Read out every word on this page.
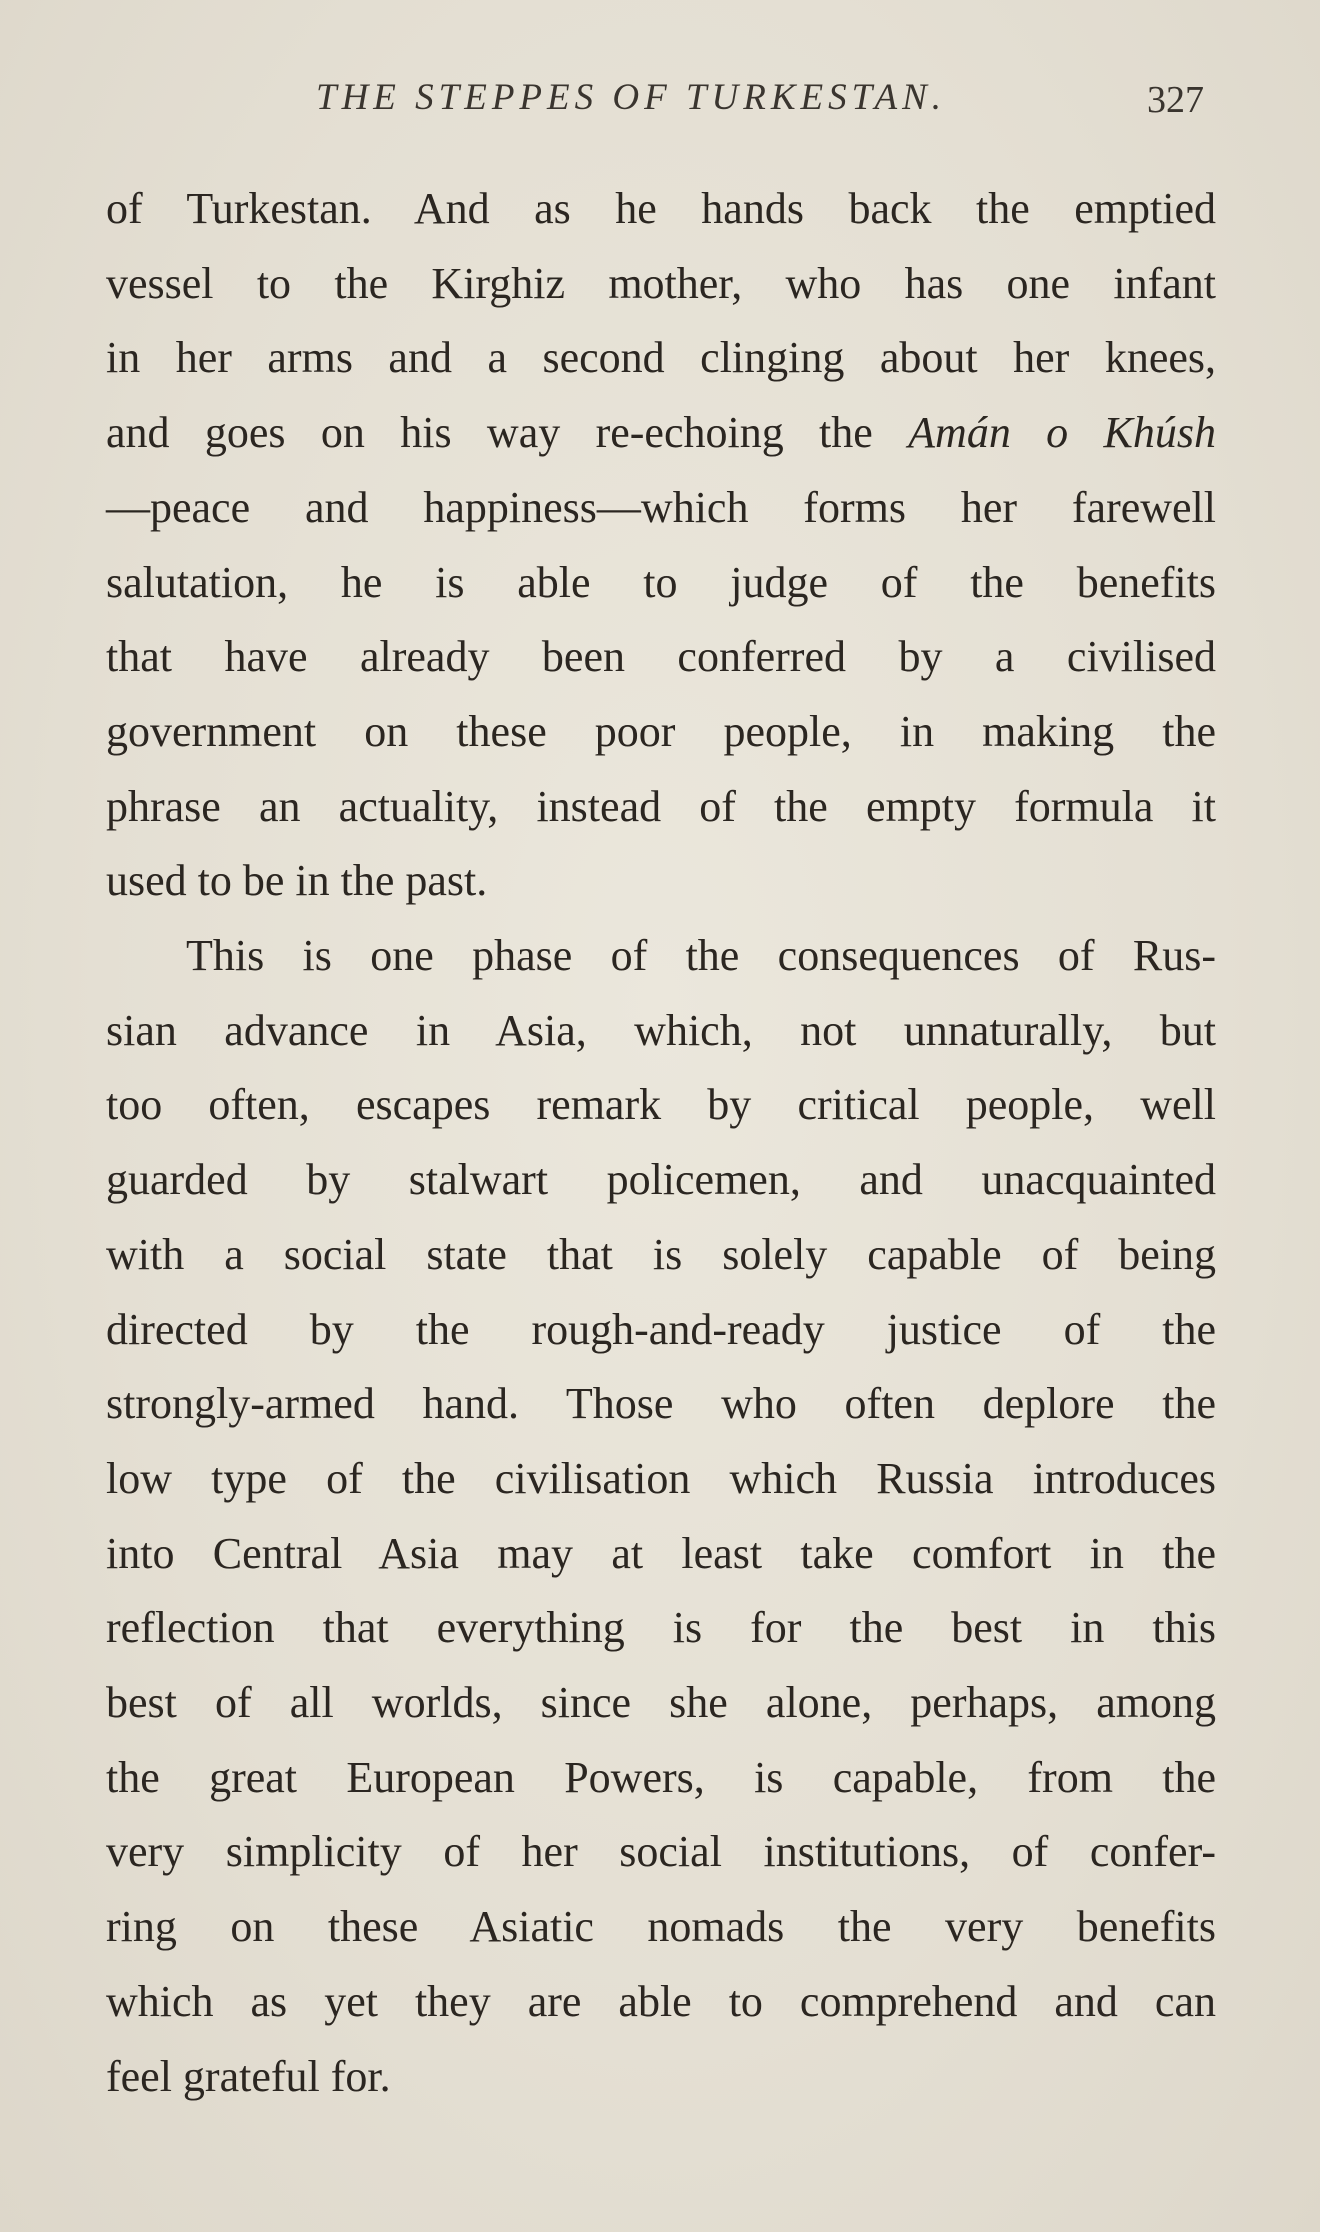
THE STEPPES OF TURKESTAN.	327
of Turkestan. And as he hands back the emptied
vessel to the Kirghiz mother, who has one infant
in her arms and a second clinging about her knees,
and goes on his way re-echoing the Amán o Khúsh
—peace and happiness—which forms her farewell
salutation, he is able to judge of the benefits
that have already been conferred by a civilised
government on these poor people, in making the
phrase an actuality, instead of the empty formula it
used to be in the past.
This is one phase of the consequences of Rus-
sian advance in Asia, which, not unnaturally, but
too often, escapes remark by critical people, well
guarded by stalwart policemen, and unacquainted
with a social state that is solely capable of being
directed by the rough-and-ready justice of the
strongly-armed hand. Those who often deplore the
low type of the civilisation which Russia introduces
into Central Asia may at least take comfort in the
reflection that everything is for the best in this
best of all worlds, since she alone, perhaps, among
the great European Powers, is capable, from the
very simplicity of her social institutions, of confer-
ring on these Asiatic nomads the very benefits
which as yet they are able to comprehend and can
feel grateful for.
